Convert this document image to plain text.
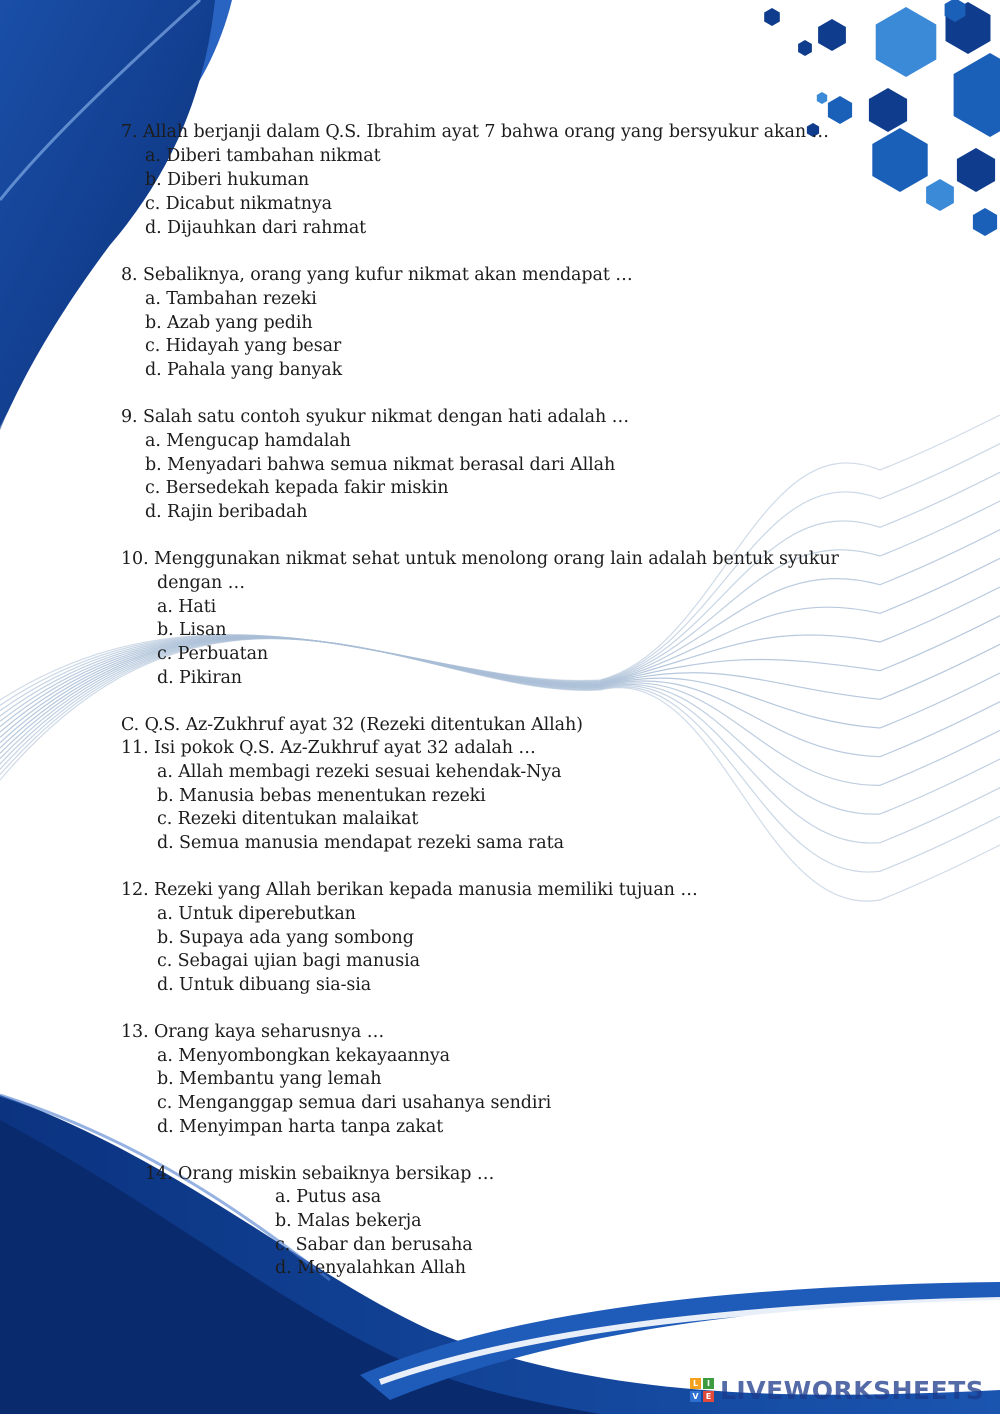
7. Allah berjanji dalam Q.S. Ibrahim ayat 7 bahwa orang yang bersyukur akan …
a. Diberi tambahan nikmat
b. Diberi hukuman
c. Dicabut nikmatnya
d. Dijauhkan dari rahmat
8. Sebaliknya, orang yang kufur nikmat akan mendapat …
a. Tambahan rezeki
b. Azab yang pedih
c. Hidayah yang besar
d. Pahala yang banyak
9. Salah satu contoh syukur nikmat dengan hati adalah …
a. Mengucap hamdalah
b. Menyadari bahwa semua nikmat berasal dari Allah
c. Bersedekah kepada fakir miskin
d. Rajin beribadah
10. Menggunakan nikmat sehat untuk menolong orang lain adalah bentuk syukur
dengan …
a. Hati
b. Lisan
c. Perbuatan
d. Pikiran
C. Q.S. Az-Zukhruf ayat 32 (Rezeki ditentukan Allah)
11. Isi pokok Q.S. Az-Zukhruf ayat 32 adalah …
a. Allah membagi rezeki sesuai kehendak-Nya
b. Manusia bebas menentukan rezeki
c. Rezeki ditentukan malaikat
d. Semua manusia mendapat rezeki sama rata
12. Rezeki yang Allah berikan kepada manusia memiliki tujuan …
a. Untuk diperebutkan
b. Supaya ada yang sombong
c. Sebagai ujian bagi manusia
d. Untuk dibuang sia-sia
13. Orang kaya seharusnya …
a. Menyombongkan kekayaannya
b. Membantu yang lemah
c. Menganggap semua dari usahanya sendiri
d. Menyimpan harta tanpa zakat
14. Orang miskin sebaiknya bersikap …
a. Putus asa
b. Malas bekerja
c. Sabar dan berusaha
d. Menyalahkan Allah
L	I
V E LIVEWORKSHEETS
